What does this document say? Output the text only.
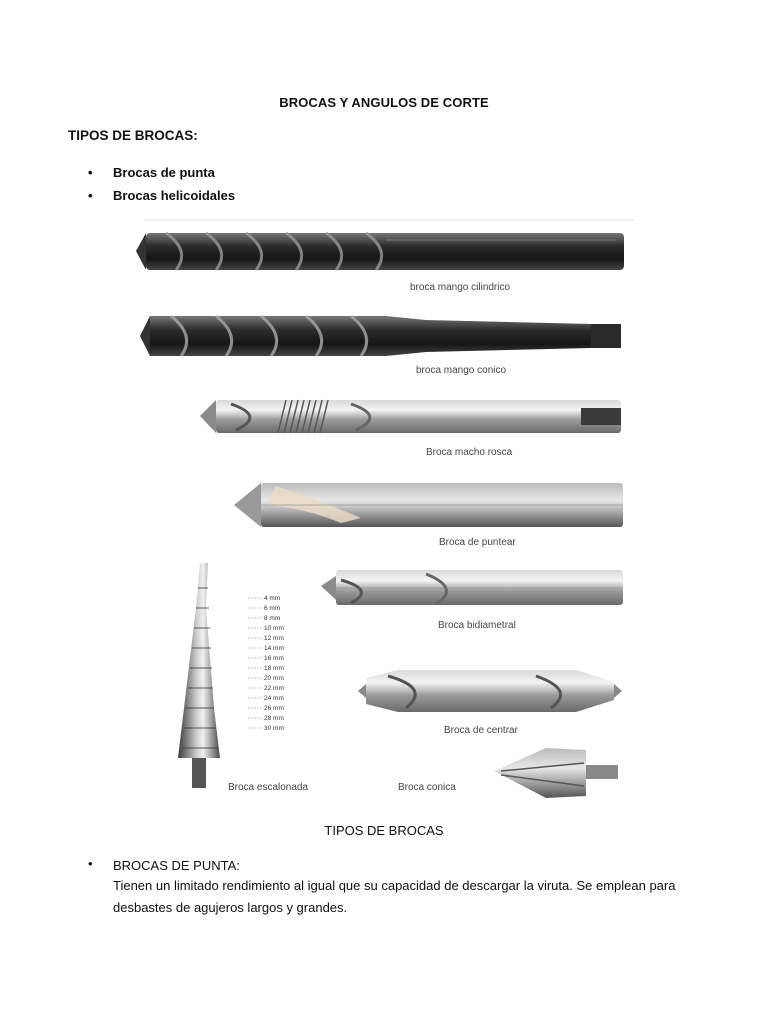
BROCAS Y ANGULOS DE CORTE
TIPOS DE BROCAS:
• Brocas de punta
• Brocas helicoidales
broca mango cilindrico
broca mango conico
Broca macho rosca
Broca de puntear
4 mm
6 mm
8 mm
10 mm
12 mm
14 mm
16 mm
18 mm
20 mm
22 mm
24 mm
26 mm
28 mm
30 mm
Broca bidiametral
Broca de centrar
Broca conica
Broca escalonada
TIPOS DE BROCAS
• BROCAS DE PUNTA:
Tienen un limitado rendimiento al igual que su capacidad de descargar la viruta. Se emplean para desbastes de agujeros largos y grandes.
